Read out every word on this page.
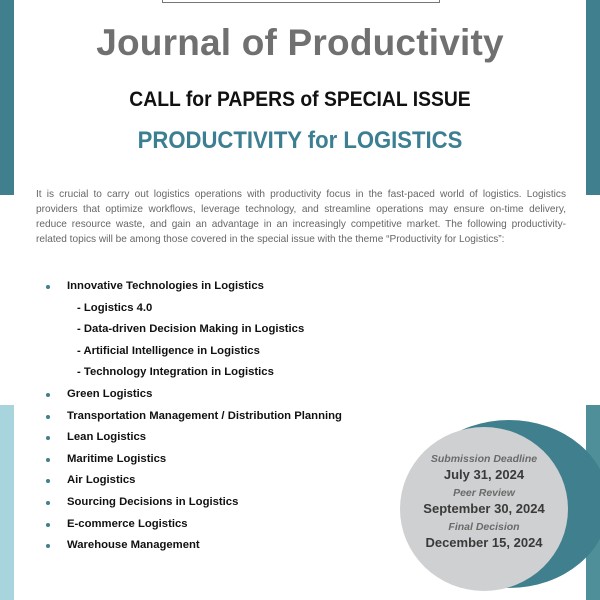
Journal of Productivity
CALL for PAPERS of SPECIAL ISSUE
PRODUCTIVITY for LOGISTICS
It is crucial to carry out logistics operations with productivity focus in the fast-paced world of logistics. Logistics providers that optimize workflows, leverage technology, and streamline operations may ensure on-time delivery, reduce resource waste, and gain an advantage in an increasingly competitive market. The following productivity-related topics will be among those covered in the special issue with the theme “Productivity for Logistics”:
Innovative Technologies in Logistics
- Logistics 4.0
- Data-driven Decision Making in Logistics
- Artificial Intelligence in Logistics
- Technology Integration in Logistics
Green Logistics
Transportation Management / Distribution Planning
Lean Logistics
Maritime Logistics
Air Logistics
Sourcing Decisions in Logistics
E-commerce Logistics
Warehouse Management
Submission Deadline
July 31, 2024
Peer Review
September 30, 2024
Final Decision
December 15, 2024
